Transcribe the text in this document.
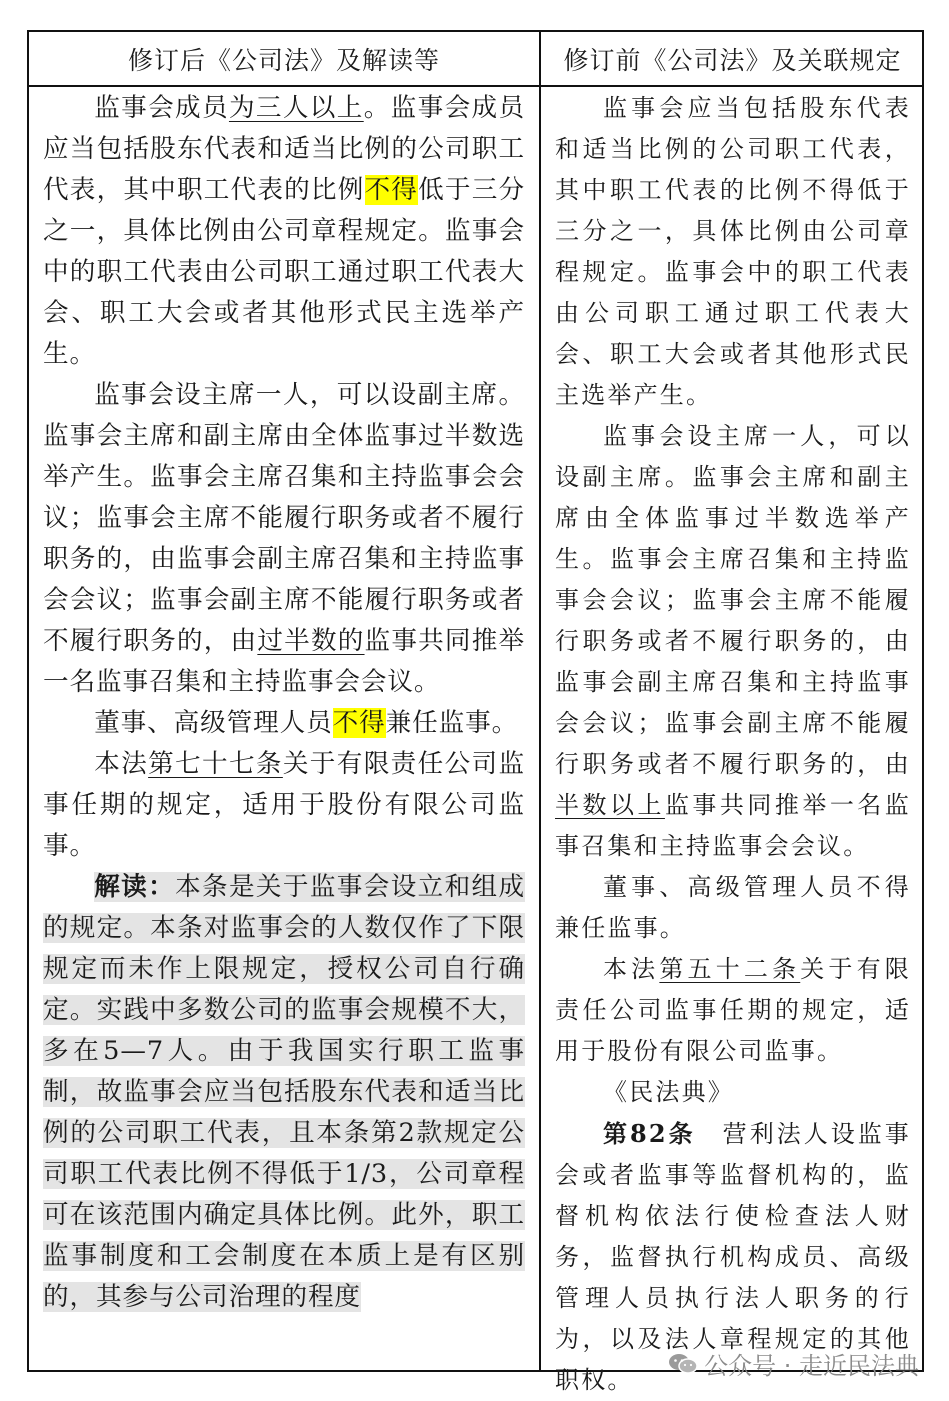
修订后《公司法》及解读等	修订前《公司法》及关联规定

监事会成员为三人以上。监事会成员应当包括股东代表和适当比例的公司职工代表，其中职工代表的比例不得低于三分之一，具体比例由公司章程规定。监事会中的职工代表由公司职工通过职工代表大会、职工大会或者其他形式民主选举产生。

监事会设主席一人，可以设副主席。监事会主席和副主席由全体监事过半数选举产生。监事会主席召集和主持监事会会议；监事会主席不能履行职务或者不履行职务的，由监事会副主席召集和主持监事会会议；监事会副主席不能履行职务或者不履行职务的，由过半数的监事共同推举一名监事召集和主持监事会会议。

董事、高级管理人员不得兼任监事。

本法第七十七条关于有限责任公司监事任期的规定，适用于股份有限公司监事。

解读：本条是关于监事会设立和组成的规定。本条对监事会的人数仅作了下限规定而未作上限规定，授权公司自行确定。实践中多数公司的监事会规模不大，多在5—7人。由于我国实行职工监事制，故监事会应当包括股东代表和适当比例的公司职工代表，且本条第2款规定公司职工代表比例不得低于1/3，公司章程可在该范围内确定具体比例。此外，职工监事制度和工会制度在本质上是有区别的，其参与公司治理的程度

监事会应当包括股东代表和适当比例的公司职工代表，其中职工代表的比例不得低于三分之一，具体比例由公司章程规定。监事会中的职工代表由公司职工通过职工代表大会、职工大会或者其他形式民主选举产生。

监事会设主席一人，可以设副主席。监事会主席和副主席由全体监事过半数选举产生。监事会主席召集和主持监事会会议；监事会主席不能履行职务或者不履行职务的，由监事会副主席召集和主持监事会会议；监事会副主席不能履行职务或者不履行职务的，由半数以上监事共同推举一名监事召集和主持监事会会议。

董事、高级管理人员不得兼任监事。

本法第五十二条关于有限责任公司监事任期的规定，适用于股份有限公司监事。

《民法典》

第82条　营利法人设监事会或者监事等监督机构的，监督机构依法行使检查法人财务，监督执行机构成员、高级管理人员执行法人职务的行为，以及法人章程规定的其他职权。	公众号 · 走近民法典
